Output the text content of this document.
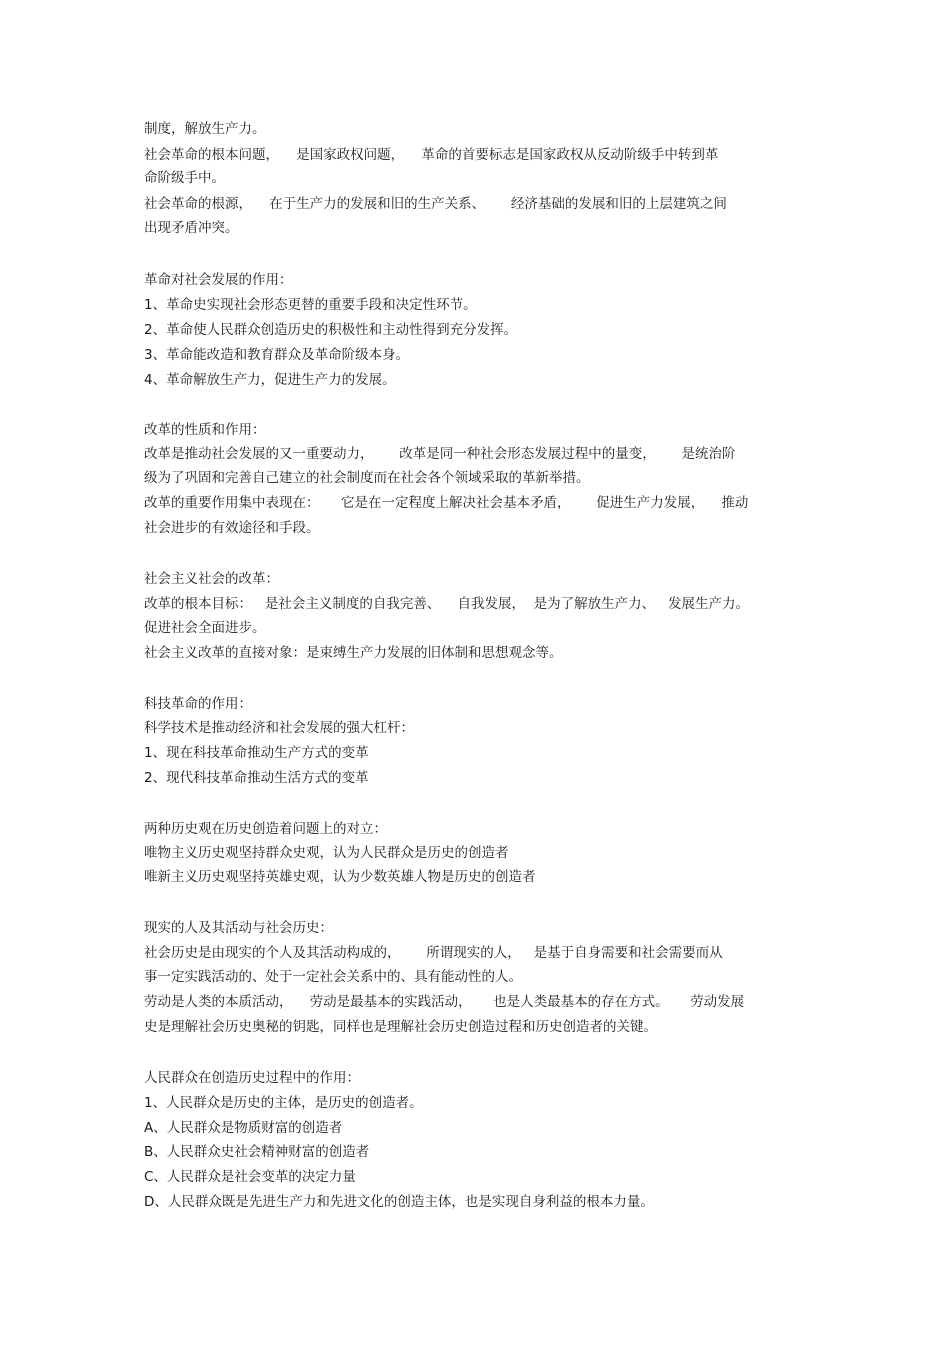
制度，解放生产力。
社会革命的根本问题，    是国家政权问题，    革命的首要标志是国家政权从反动阶级手中转到革
命阶级手中。
社会革命的根源，    在于生产力的发展和旧的生产关系、      经济基础的发展和旧的上层建筑之间
出现矛盾冲突。
革命对社会发展的作用：
1、革命史实现社会形态更替的重要手段和决定性环节。
2、革命使人民群众创造历史的积极性和主动性得到充分发挥。
3、革命能改造和教育群众及革命阶级本身。
4、革命解放生产力，促进生产力的发展。
改革的性质和作用：
改革是推动社会发展的又一重要动力，      改革是同一种社会形态发展过程中的量变，      是统治阶
级为了巩固和完善自己建立的社会制度而在社会各个领域采取的革新举措。
改革的重要作用集中表现在：     它是在一定程度上解决社会基本矛盾，      促进生产力发展，    推动
社会进步的有效途径和手段。
社会主义社会的改革：
改革的根本目标：   是社会主义制度的自我完善、    自我发展，  是为了解放生产力、   发展生产力。
促进社会全面进步。
社会主义改革的直接对象：是束缚生产力发展的旧体制和思想观念等。
科技革命的作用：
科学技术是推动经济和社会发展的强大杠杆：
1、现在科技革命推动生产方式的变革
2、现代科技革命推动生活方式的变革
两种历史观在历史创造着问题上的对立：
唯物主义历史观坚持群众史观，认为人民群众是历史的创造者
唯新主义历史观坚持英雄史观，认为少数英雄人物是历史的创造者
现实的人及其活动与社会历史：
社会历史是由现实的个人及其活动构成的，      所谓现实的人，   是基于自身需要和社会需要而从
事一定实践活动的、处于一定社会关系中的、具有能动性的人。
劳动是人类的本质活动，    劳动是最基本的实践活动，     也是人类最基本的存在方式。     劳动发展
史是理解社会历史奥秘的钥匙，同样也是理解社会历史创造过程和历史创造者的关键。
人民群众在创造历史过程中的作用：
1、人民群众是历史的主体，是历史的创造者。
A、人民群众是物质财富的创造者
B、人民群众史社会精神财富的创造者
C、人民群众是社会变革的决定力量
D、人民群众既是先进生产力和先进文化的创造主体，也是实现自身利益的根本力量。
